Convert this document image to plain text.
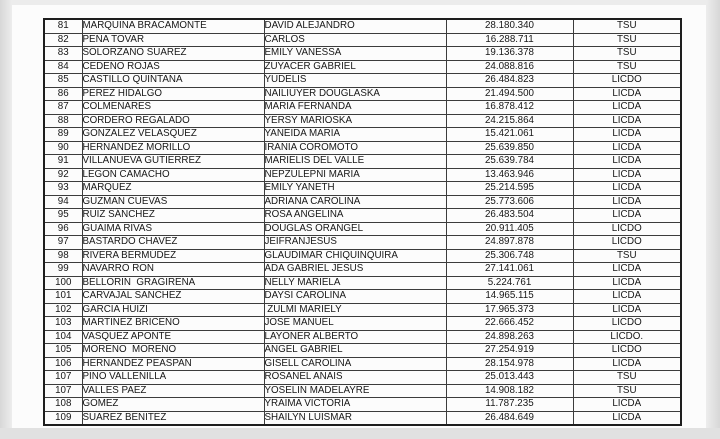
81	MARQUINA BRACAMONTE	DAVID ALEJANDRO	28.180.340	TSU
82	PEÑA TOVAR	CARLOS	16.288.711	TSU
83	SOLORZANO SUAREZ	EMILY VANESSA	19.136.378	TSU
84	CEDEÑO ROJAS	ZUYACER GABRIEL	24.088.816	TSU
85	CASTILLO QUINTANA	YUDELIS	26.484.823	LICDO
86	PEREZ HIDALGO	NAILIUYER DOUGLASKA	21.494.500	LICDA
87	COLMENARES	MARIA FERNANDA	16.878.412	LICDA
88	CORDERO REGALADO	YERSY MARIOSKA	24.215.864	LICDA
89	GONZALEZ VELASQUEZ	YANEIDA MARIA	15.421.061	LICDA
90	HERNANDEZ MORILLO	IRANIA COROMOTO	25.639.850	LICDA
91	VILLANUEVA GUTIERREZ	MARIELIS DEL VALLE	25.639.784	LICDA
92	LEGON CAMACHO	NEPZULEPNI MARIA	13.463.946	LICDA
93	MARQUEZ	EMILY YANETH	25.214.595	LICDA
94	GUZMAN CUEVAS	ADRIANA CAROLINA	25.773.606	LICDA
95	RUIZ SÁNCHEZ	ROSA ANGELINA	26.483.504	LICDA
96	GUAIMA RIVAS	DOUGLAS ORANGEL	20.911.405	LICDO
97	BASTARDO CHAVEZ	JEIFRANJESÚS	24.897.878	LICDO
98	RIVERA BERMÚDEZ	GLAUDIMAR CHIQUINQUIRA	25.306.748	TSU
99	NAVARRO RON	ADA GABRIEL JESUS	27.141.061	LICDA
100	BELLORIN  GRAGIRENA	NELLY MARIELA	5.224.761	LICDA
101	CARVAJAL SANCHEZ	DAYSI CAROLINA	14.965.115	LICDA
102	GARCIA HUIZI	ZULMI MARIELY	17.965.373	LICDA
103	MARTINEZ BRICEÑO	JOSE MANUEL	22.666.452	LICDO
104	VASQUEZ APONTE	LAYONER ALBERTO	24.898.263	LICDO.
105	MORENO  MORENO	ANGEL GABRIEL	27.254.919	LICDO
106	HERNANDEZ PEASPAN	GISELL CAROLINA	28.154.978	LICDA
107	PINO VALLENILLA	ROSANEL ANAIS	25.013.443	TSU
107	VALLES PAEZ	YOSELIN MADELAYRE	14.908.182	TSU
108	GOMEZ	YRAIMA VICTORIA	11.787.235	LICDA
109	SUAREZ BENITEZ	SHAILYN LUISMAR	26.484.649	LICDA
